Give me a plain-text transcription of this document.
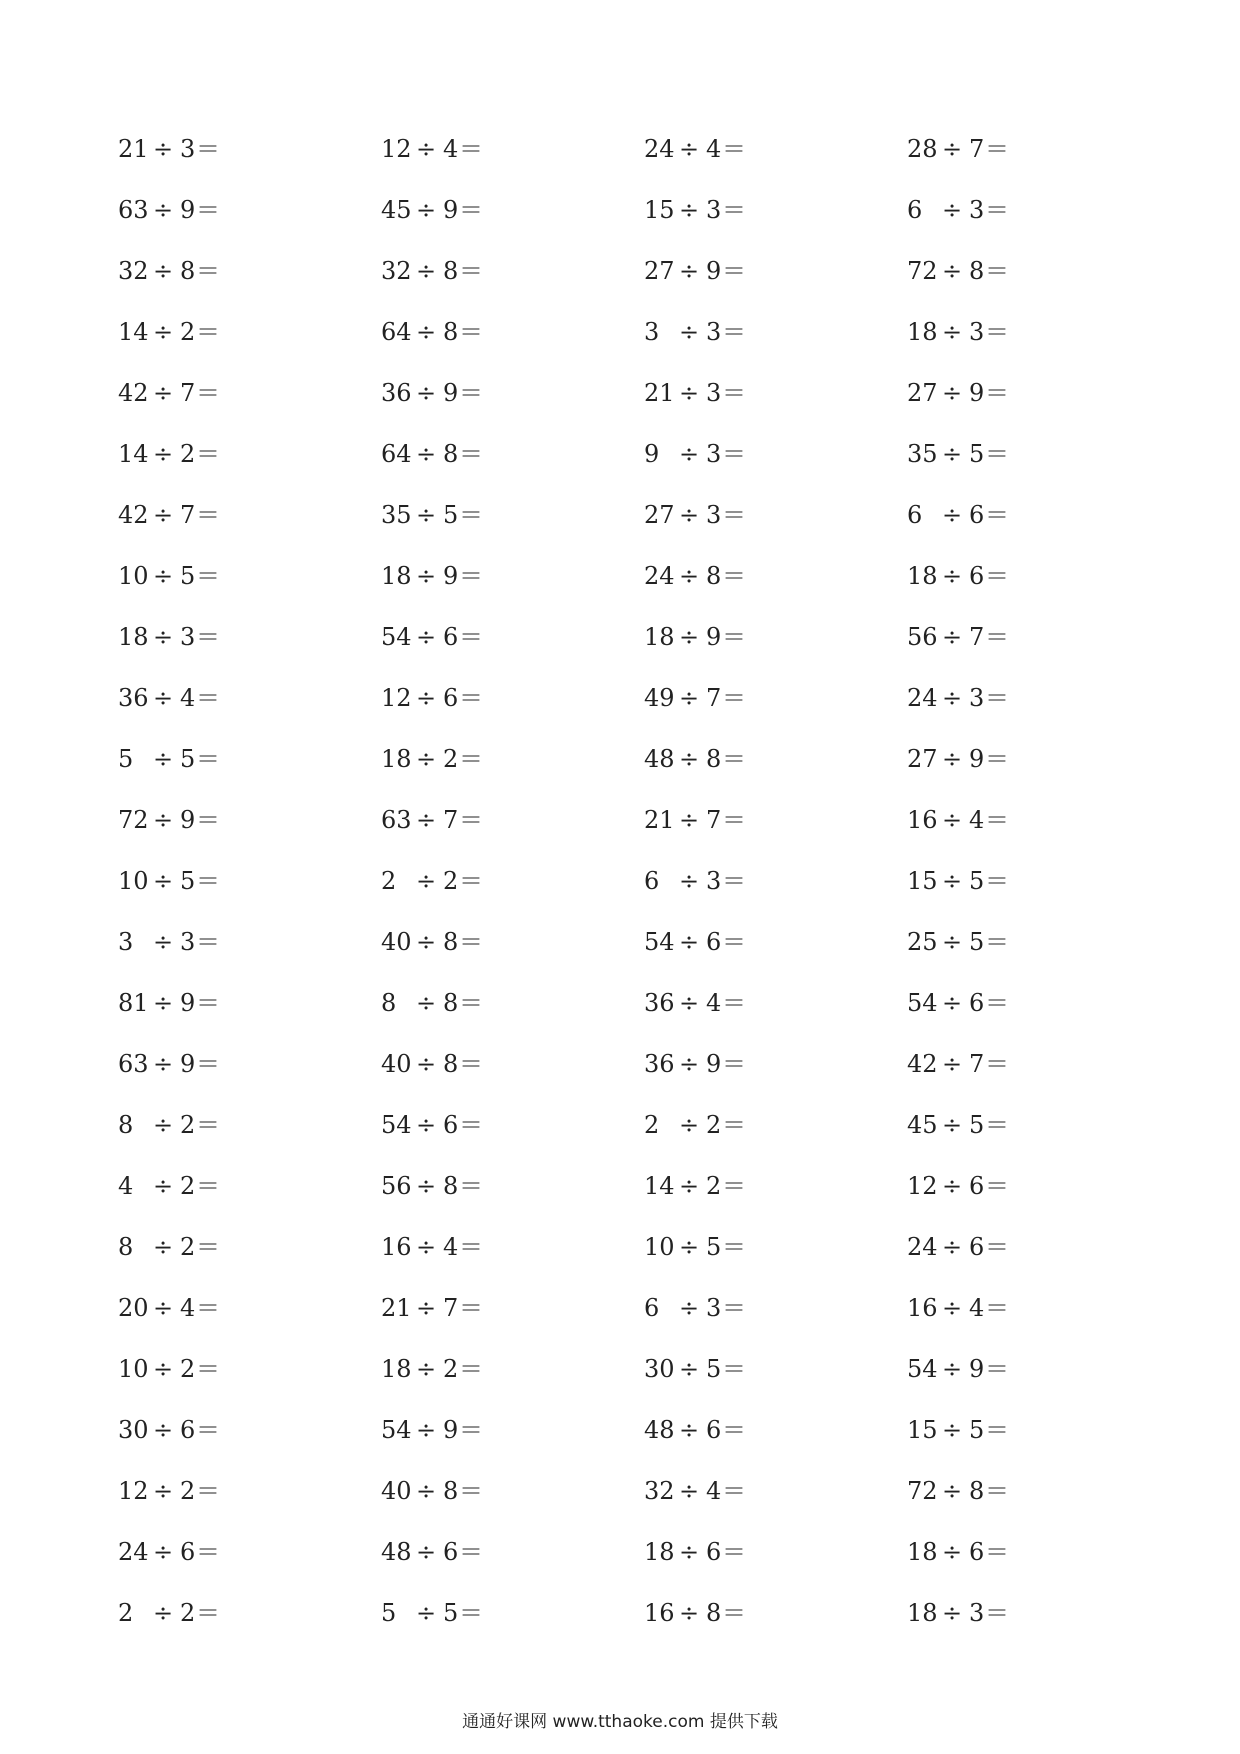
21 ÷ 3 ＝	12 ÷ 4 ＝	24 ÷ 4 ＝	28 ÷ 7 ＝
63 ÷ 9 ＝	45 ÷ 9 ＝	15 ÷ 3 ＝	6 ÷ 3 ＝
32 ÷ 8 ＝	32 ÷ 8 ＝	27 ÷ 9 ＝	72 ÷ 8 ＝
14 ÷ 2 ＝	64 ÷ 8 ＝	3 ÷ 3 ＝	18 ÷ 3 ＝
42 ÷ 7 ＝	36 ÷ 9 ＝	21 ÷ 3 ＝	27 ÷ 9 ＝
14 ÷ 2 ＝	64 ÷ 8 ＝	9 ÷ 3 ＝	35 ÷ 5 ＝
42 ÷ 7 ＝	35 ÷ 5 ＝	27 ÷ 3 ＝	6 ÷ 6 ＝
10 ÷ 5 ＝	18 ÷ 9 ＝	24 ÷ 8 ＝	18 ÷ 6 ＝
18 ÷ 3 ＝	54 ÷ 6 ＝	18 ÷ 9 ＝	56 ÷ 7 ＝
36 ÷ 4 ＝	12 ÷ 6 ＝	49 ÷ 7 ＝	24 ÷ 3 ＝
5 ÷ 5 ＝	18 ÷ 2 ＝	48 ÷ 8 ＝	27 ÷ 9 ＝
72 ÷ 9 ＝	63 ÷ 7 ＝	21 ÷ 7 ＝	16 ÷ 4 ＝
10 ÷ 5 ＝	2 ÷ 2 ＝	6 ÷ 3 ＝	15 ÷ 5 ＝
3 ÷ 3 ＝	40 ÷ 8 ＝	54 ÷ 6 ＝	25 ÷ 5 ＝
81 ÷ 9 ＝	8 ÷ 8 ＝	36 ÷ 4 ＝	54 ÷ 6 ＝
63 ÷ 9 ＝	40 ÷ 8 ＝	36 ÷ 9 ＝	42 ÷ 7 ＝
8 ÷ 2 ＝	54 ÷ 6 ＝	2 ÷ 2 ＝	45 ÷ 5 ＝
4 ÷ 2 ＝	56 ÷ 8 ＝	14 ÷ 2 ＝	12 ÷ 6 ＝
8 ÷ 2 ＝	16 ÷ 4 ＝	10 ÷ 5 ＝	24 ÷ 6 ＝
20 ÷ 4 ＝	21 ÷ 7 ＝	6 ÷ 3 ＝	16 ÷ 4 ＝
10 ÷ 2 ＝	18 ÷ 2 ＝	30 ÷ 5 ＝	54 ÷ 9 ＝
30 ÷ 6 ＝	54 ÷ 9 ＝	48 ÷ 6 ＝	15 ÷ 5 ＝
12 ÷ 2 ＝	40 ÷ 8 ＝	32 ÷ 4 ＝	72 ÷ 8 ＝
24 ÷ 6 ＝	48 ÷ 6 ＝	18 ÷ 6 ＝	18 ÷ 6 ＝
2 ÷ 2 ＝	5 ÷ 5 ＝	16 ÷ 8 ＝	18 ÷ 3 ＝
通通好课网 www.tthaoke.com 提供下载
